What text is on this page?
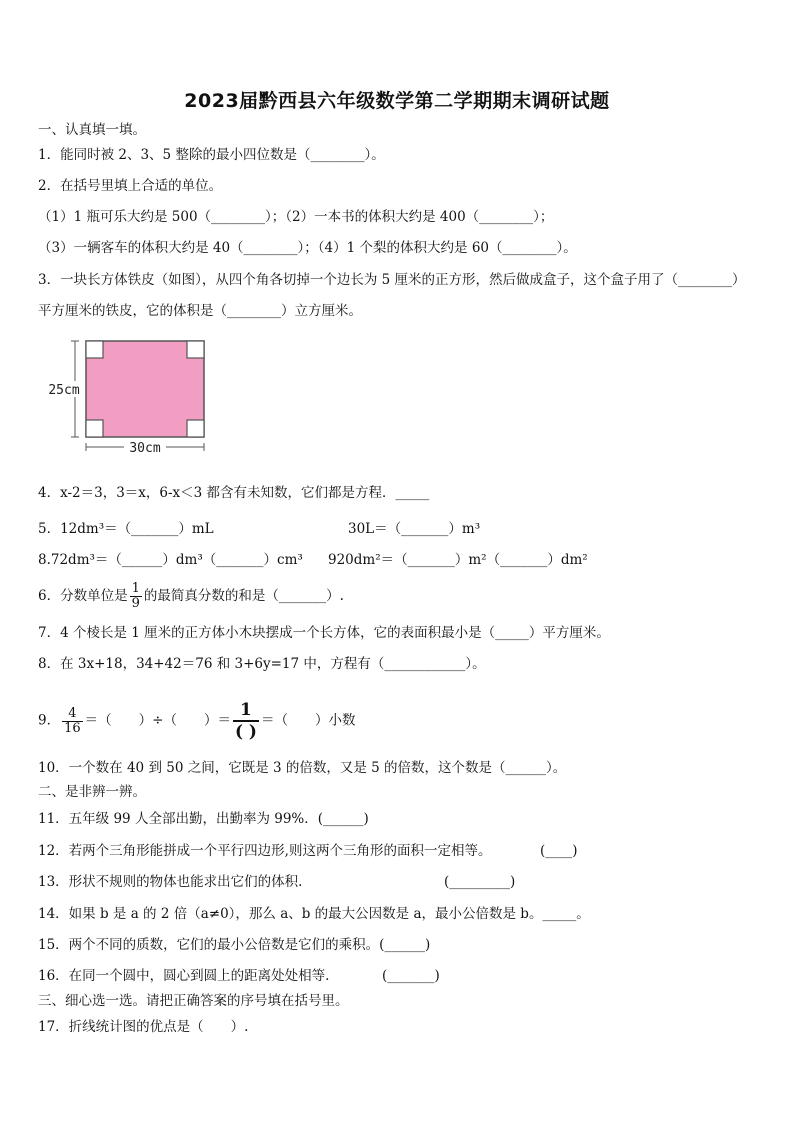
2023届黔西县六年级数学第二学期期末调研试题
一、认真填一填。
1．能同时被 2、3、5 整除的最小四位数是（________）。
2．在括号里填上合适的单位。
（1）1 瓶可乐大约是 500（________）；（2）一本书的体积大约是 400（________）；
（3）一辆客车的体积大约是 40（________）；（4）1 个梨的体积大约是 60（________）。
3．一块长方体铁皮（如图），从四个角各切掉一个边长为 5 厘米的正方形，然后做成盒子，这个盒子用了（________）
平方厘米的铁皮，它的体积是（________）立方厘米。
25cm
30cm
4．x-2＝3，3＝x，6-x＜3 都含有未知数，它们都是方程．_____
5．12dm³＝（_______）mL	30L＝（_______）m³
8.72dm³＝（______）dm³（_______）cm³ 920dm²＝（_______）m²（_______）dm²
6．分数单位是 $\frac{1}{9}$ 的最简真分数的和是（_______）.
7．4 个棱长是 1 厘米的正方体小木块摆成一个长方体，它的表面积最小是（_____）平方厘米。
8．在 3x+18，34+42＝76 和 3+6y=17 中，方程有（____________）。
9． $\frac{4}{16}$ ＝（　　）÷（　　）＝ $\frac{1}{( )}$ ＝（　　）小数
10．一个数在 40 到 50 之间，它既是 3 的倍数，又是 5 的倍数，这个数是（______）。
二、是非辨一辨。
11．五年级 99 人全部出勤，出勤率为 99%．(______)
12．若两个三角形能拼成一个平行四边形,则这两个三角形的面积一定相等。	(____)
13．形状不规则的物体也能求出它们的体积.	(_________)
14．如果 b 是 a 的 2 倍（a≠0），那么 a、b 的最大公因数是 a，最小公倍数是 b。_____。
15．两个不同的质数，它们的最小公倍数是它们的乘积。(______)
16．在同一个圆中，圆心到圆上的距离处处相等.	(_______)
三、细心选一选。请把正确答案的序号填在括号里。
17．折线统计图的优点是（　　）.
